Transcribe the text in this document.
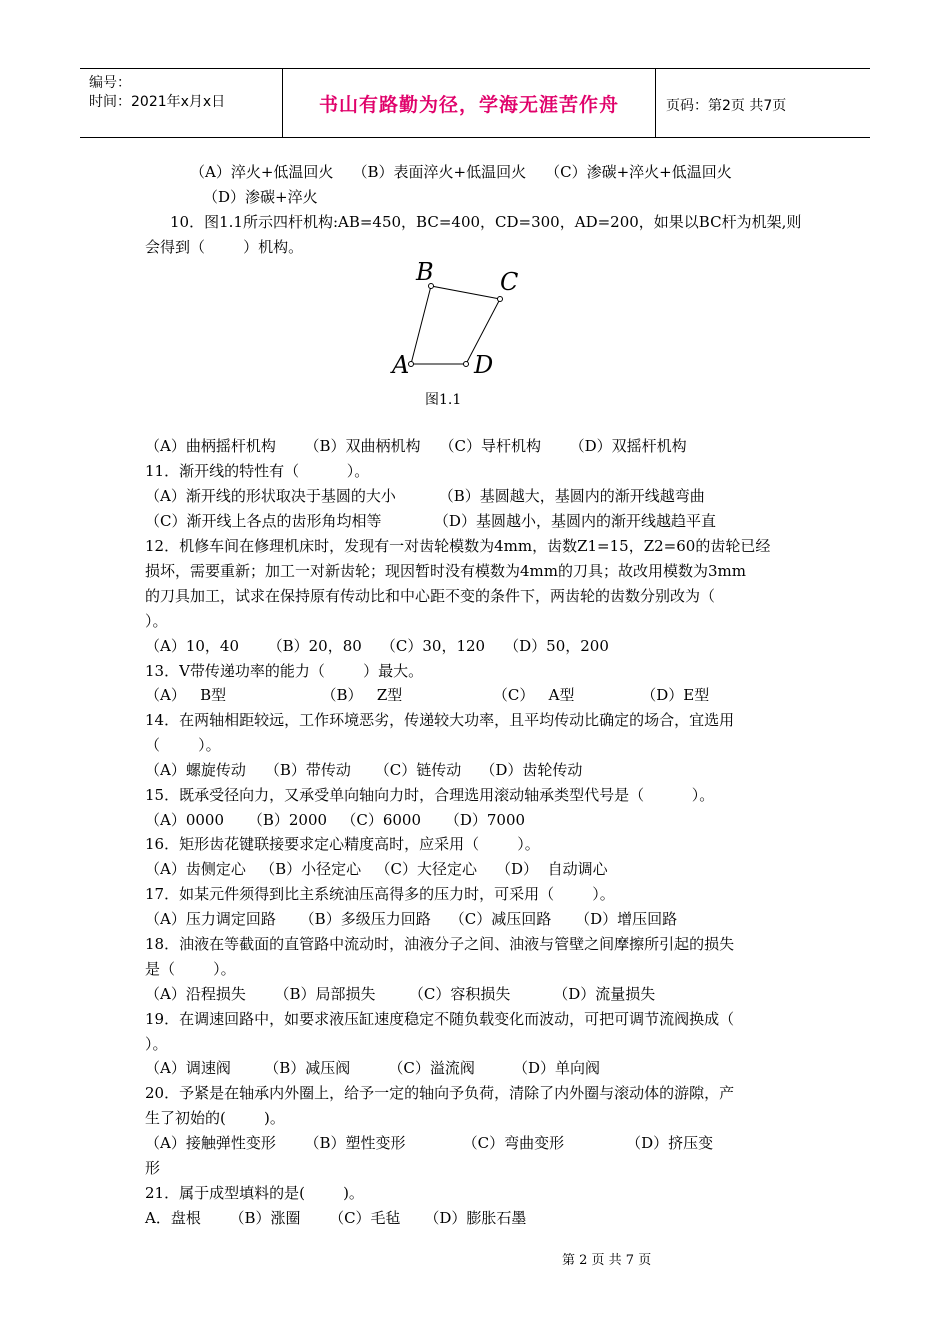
编号：
时间：2021年x月x日	书山有路勤为径，学海无涯苦作舟	页码：第2页 共7页
（A）淬火+低温回火    （B）表面淬火+低温回火    （C）渗碳+淬火+低温回火
（D）渗碳+淬火
10．图1.1所示四杆机构:AB=450，BC=400，CD=300，AD=200，如果以BC杆为机架,则
会得到（        ）机构。
A
B	C
D
图1.1
（A）曲柄摇杆机构      （B）双曲柄机构    （C）导杆机构      （D）双摇杆机构
11．渐开线的特性有（          ）。
（A）渐开线的形状取决于基圆的大小         （B）基圆越大，基圆内的渐开线越弯曲
（C）渐开线上各点的齿形角均相等           （D）基圆越小，基圆内的渐开线越趋平直
12．机修车间在修理机床时，发现有一对齿轮模数为4mm，齿数Z1=15，Z2=60的齿轮已经
损坏，需要重新；加工一对新齿轮；现因暂时没有模数为4mm的刀具；故改用模数为3mm
的刀具加工，试求在保持原有传动比和中心距不变的条件下，两齿轮的齿数分别改为（
）。
（A）10，40      （B）20，80    （C）30，120    （D）50，200
13．V带传递功率的能力（        ）最大。
（A）   B型                    （B）   Z型                   （C）   A型              （D）E型
14．在两轴相距较远，工作环境恶劣，传递较大功率，且平均传动比确定的场合，宜选用
（        ）。
（A）螺旋传动    （B）带传动     （C）链传动    （D）齿轮传动
15．既承受径向力，又承受单向轴向力时，合理选用滚动轴承类型代号是（          ）。
（A）0000     （B）2000   （C）6000     （D）7000
16．矩形齿花键联接要求定心精度高时，应采用（        ）。
（A）齿侧定心   （B）小径定心   （C）大径定心    （D）  自动调心
17．如某元件须得到比主系统油压高得多的压力时，可采用（        ）。
（A）压力调定回路     （B）多级压力回路    （C）减压回路     （D）增压回路
18．油液在等截面的直管路中流动时，油液分子之间、油液与管壁之间摩擦所引起的损失
是（        ）。
（A）沿程损失      （B）局部损失       （C）容积损失         （D）流量损失
19．在调速回路中，如要求液压缸速度稳定不随负载变化而波动，可把可调节流阀换成（
）。
（A）调速阀       （B）减压阀        （C）溢流阀        （D）单向阀
20．予紧是在轴承内外圈上，给予一定的轴向予负荷，清除了内外圈与滚动体的游隙，产
生了初始的(        )。
（A）接触弹性变形      （B）塑性变形            （C）弯曲变形             （D）挤压变
形
21．属于成型填料的是(        )。
A．盘根      （B）涨圈      （C）毛毡     （D）膨胀石墨
第 2 页 共 7 页
